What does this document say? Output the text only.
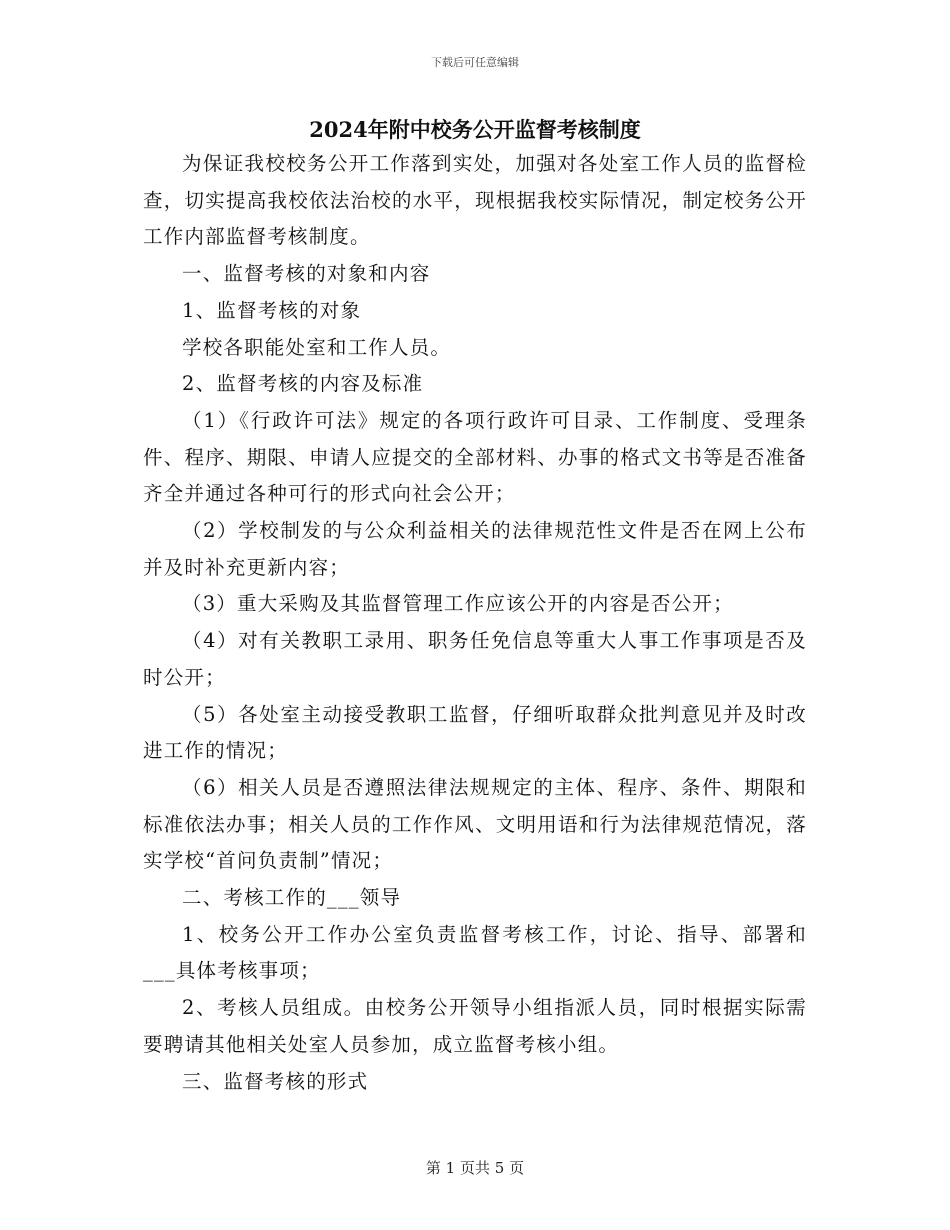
下载后可任意编辑
2024年附中校务公开监督考核制度

为保证我校校务公开工作落到实处，加强对各处室工作人员的监督检查，切实提高我校依法治校的水平，现根据我校实际情况，制定校务公开工作内部监督考核制度。

一、监督考核的对象和内容

1、监督考核的对象

学校各职能处室和工作人员。

2、监督考核的内容及标准

（1）《行政许可法》规定的各项行政许可目录、工作制度、受理条件、程序、期限、申请人应提交的全部材料、办事的格式文书等是否准备齐全并通过各种可行的形式向社会公开；

（2）学校制发的与公众利益相关的法律规范性文件是否在网上公布并及时补充更新内容；

（3）重大采购及其监督管理工作应该公开的内容是否公开；

（4）对有关教职工录用、职务任免信息等重大人事工作事项是否及时公开；

（5）各处室主动接受教职工监督，仔细听取群众批判意见并及时改进工作的情况；

（6）相关人员是否遵照法律法规规定的主体、程序、条件、期限和标准依法办事；相关人员的工作作风、文明用语和行为法律规范情况，落实学校“首问负责制”情况；

二、考核工作的___领导

1、校务公开工作办公室负责监督考核工作，讨论、指导、部署和___具体考核事项；

2、考核人员组成。由校务公开领导小组指派人员，同时根据实际需要聘请其他相关处室人员参加，成立监督考核小组。

三、监督考核的形式

第 1 页共 5 页
